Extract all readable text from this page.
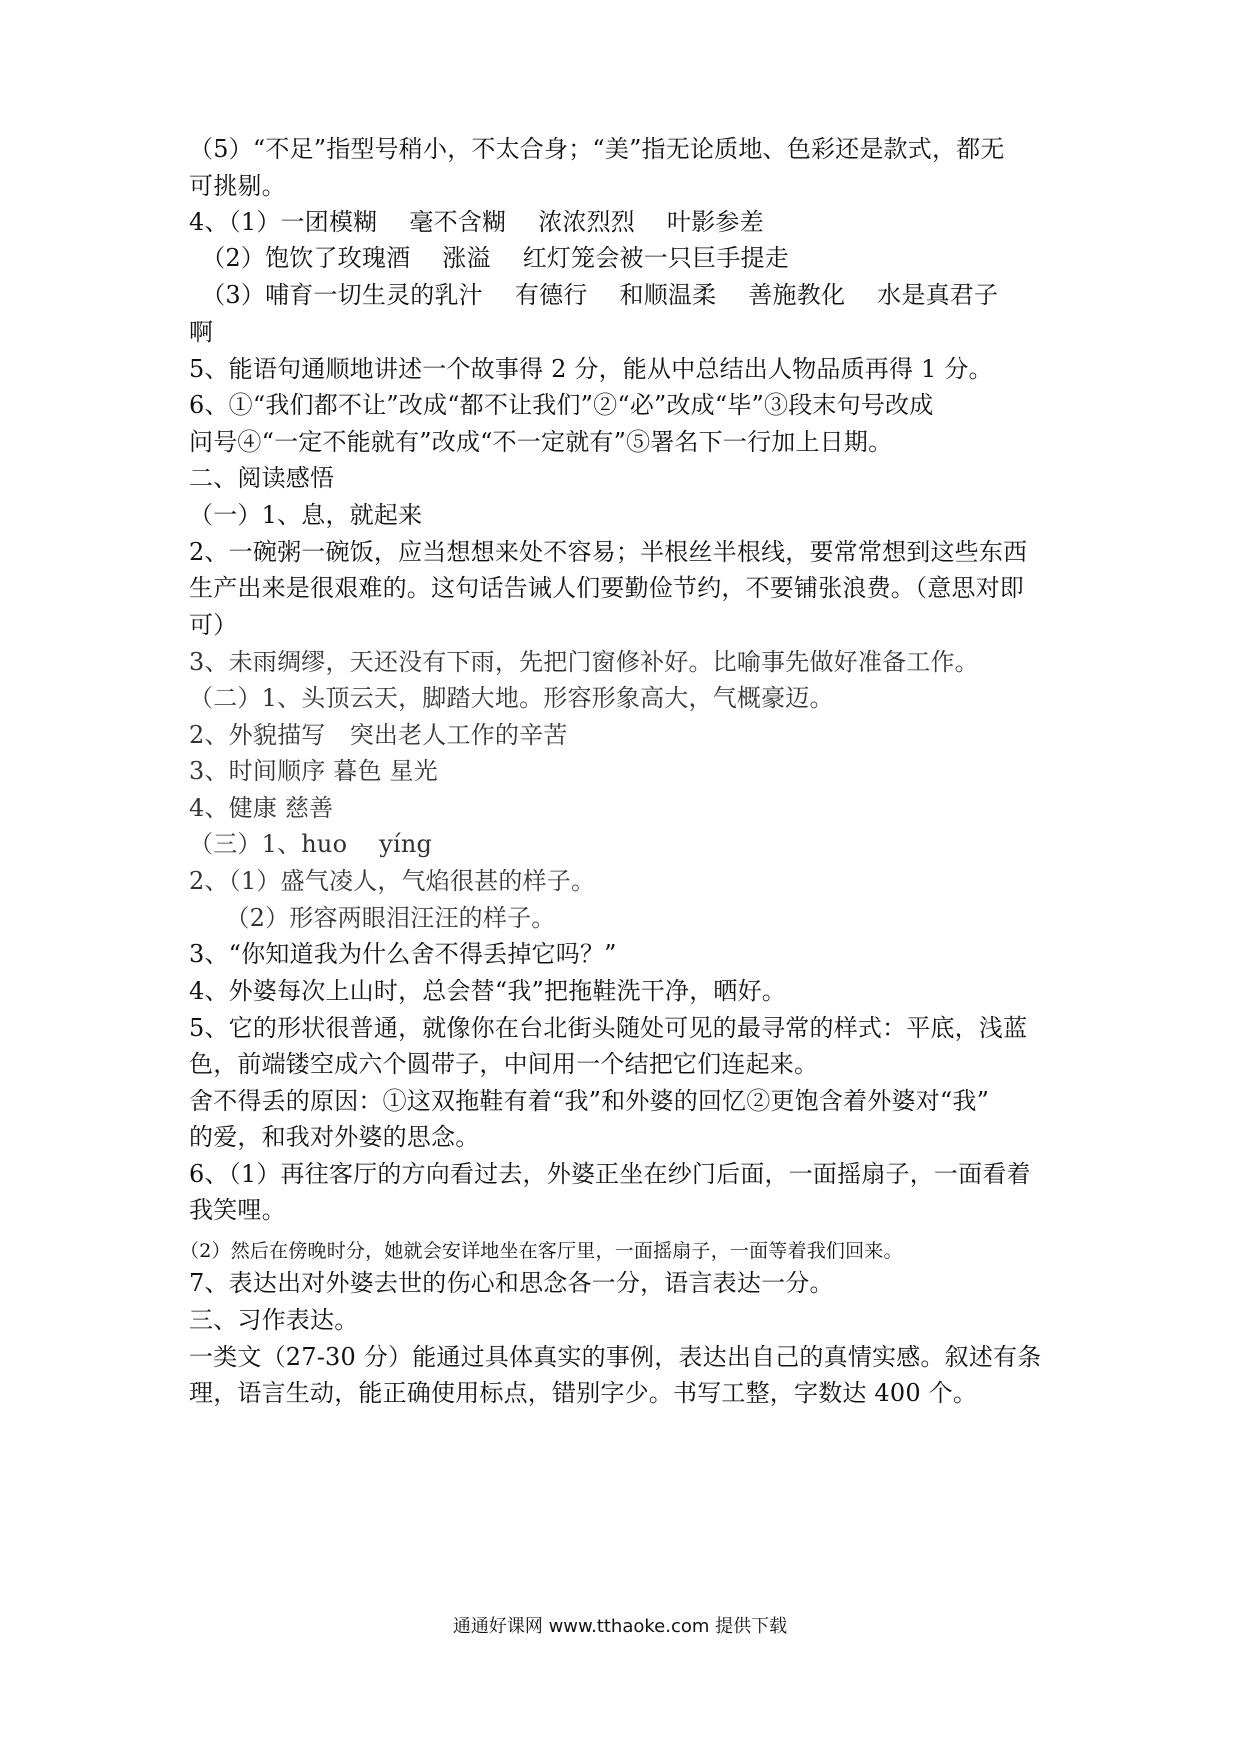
（5）“不足”指型号稍小，不太合身；“美”指无论质地、色彩还是款式，都无
可挑剔。
4、（1）一团模糊　 毫不含糊　 浓浓烈烈　 叶影参差
　（2）饱饮了玫瑰酒　 涨溢　 红灯笼会被一只巨手提走
　（3）哺育一切生灵的乳汁　 有德行　 和顺温柔　 善施教化　 水是真君子
啊
5、能语句通顺地讲述一个故事得 2 分，能从中总结出人物品质再得 1 分。
6、①“我们都不让”改成“都不让我们”②“必”改成“毕”③段末句号改成
问号④“一定不能就有”改成“不一定就有”⑤署名下一行加上日期。
二、阅读感悟
（一）1、息，就起来
2、一碗粥一碗饭，应当想想来处不容易；半根丝半根线，要常常想到这些东西
生产出来是很艰难的。这句话告诫人们要勤俭节约，不要铺张浪费。（意思对即
可）
3、未雨绸缪，天还没有下雨，先把门窗修补好。比喻事先做好准备工作。
（二）1、头顶云天，脚踏大地。形容形象高大，气概豪迈。
2、外貌描写　突出老人工作的辛苦
3、时间顺序 暮色 星光
4、健康 慈善
（三）1、huo　 yíng
2、（1）盛气凌人，气焰很甚的样子。
　　（2）形容两眼泪汪汪的样子。
3、“你知道我为什么舍不得丢掉它吗？”
4、外婆每次上山时，总会替“我”把拖鞋洗干净，晒好。
5、它的形状很普通，就像你在台北街头随处可见的最寻常的样式：平底，浅蓝
色，前端镂空成六个圆带子，中间用一个结把它们连起来。
舍不得丢的原因：①这双拖鞋有着“我”和外婆的回忆②更饱含着外婆对“我”
的爱，和我对外婆的思念。
6、（1）再往客厅的方向看过去，外婆正坐在纱门后面，一面摇扇子，一面看着
我笑哩。
（2）然后在傍晚时分，她就会安详地坐在客厅里，一面摇扇子，一面等着我们回来。
7、表达出对外婆去世的伤心和思念各一分，语言表达一分。
三、习作表达。
一类文（27-30 分）能通过具体真实的事例，表达出自己的真情实感。叙述有条
理，语言生动，能正确使用标点，错别字少。书写工整，字数达 400 个。
通通好课网 www.tthaoke.com 提供下载
